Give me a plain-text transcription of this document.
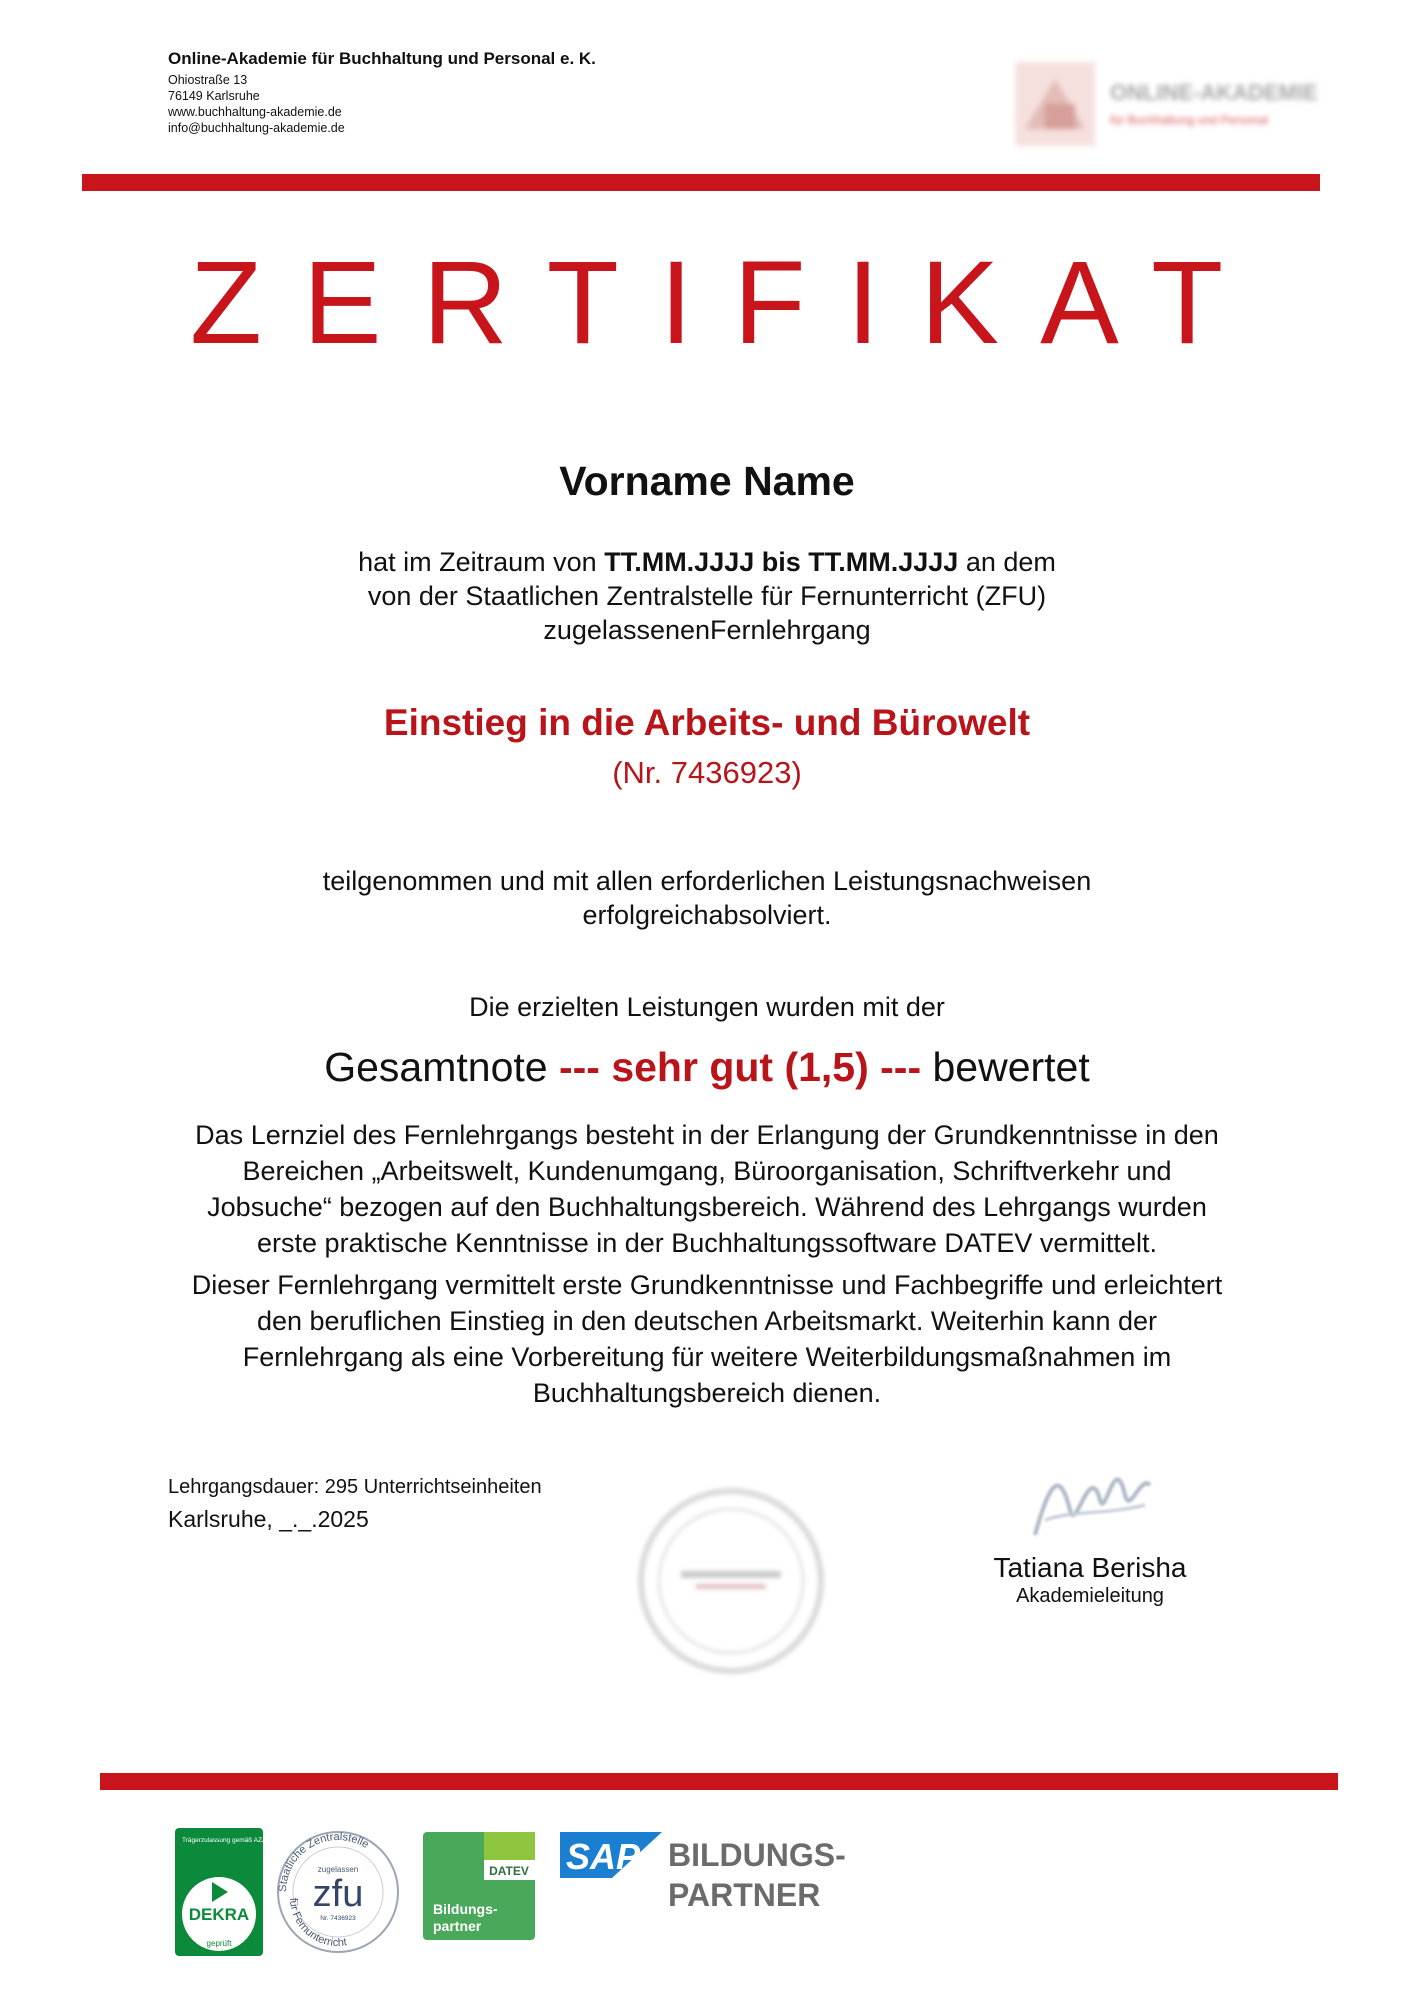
Online-Akademie für Buchhaltung und Personal e. K.
Ohiostraße 13
76149 Karlsruhe
www.buchhaltung-akademie.de
info@buchhaltung-akademie.de
ONLINE-AKADEMIE
für Buchhaltung und Personal
ZERTIFIKAT
Vorname Name
hat im Zeitraum von TT.MM.JJJJ bis TT.MM.JJJJ an dem
von der Staatlichen Zentralstelle für Fernunterricht (ZFU)
zugelassenenFernlehrgang
Einstieg in die Arbeits- und Bürowelt
(Nr. 7436923)
teilgenommen und mit allen erforderlichen Leistungsnachweisen
erfolgreichabsolviert.
Die erzielten Leistungen wurden mit der
Gesamtnote --- sehr gut (1,5) --- bewertet

Das Lernziel des Fernlehrgangs besteht in der Erlangung der Grundkenntnisse in den Bereichen „Arbeitswelt, Kundenumgang, Büroorganisation, Schriftverkehr und Jobsuche“ bezogen auf den Buchhaltungsbereich. Während des Lehrgangs wurden erste praktische Kenntnisse in der Buchhaltungssoftware DATEV vermittelt.

Dieser Fernlehrgang vermittelt erste Grundkenntnisse und Fachbegriffe und erleichtert den beruflichen Einstieg in den deutschen Arbeitsmarkt. Weiterhin kann der Fernlehrgang als eine Vorbereitung für weitere Weiterbildungsmaßnahmen im Buchhaltungsbereich dienen.

Lehrgangsdauer: 295 Unterrichtseinheiten
Karlsruhe, _._.2025
Tatiana Berisha
Akademieleitung
Trägerzulassung gemäß AZAV
DEKRA
geprüft
Staatliche Zentralstelle
für Fernunterricht
zugelassen
zfu
Nr. 7436923
DATEV
Bildungs-
partner
SAP BILDUNGS-
PARTNER
